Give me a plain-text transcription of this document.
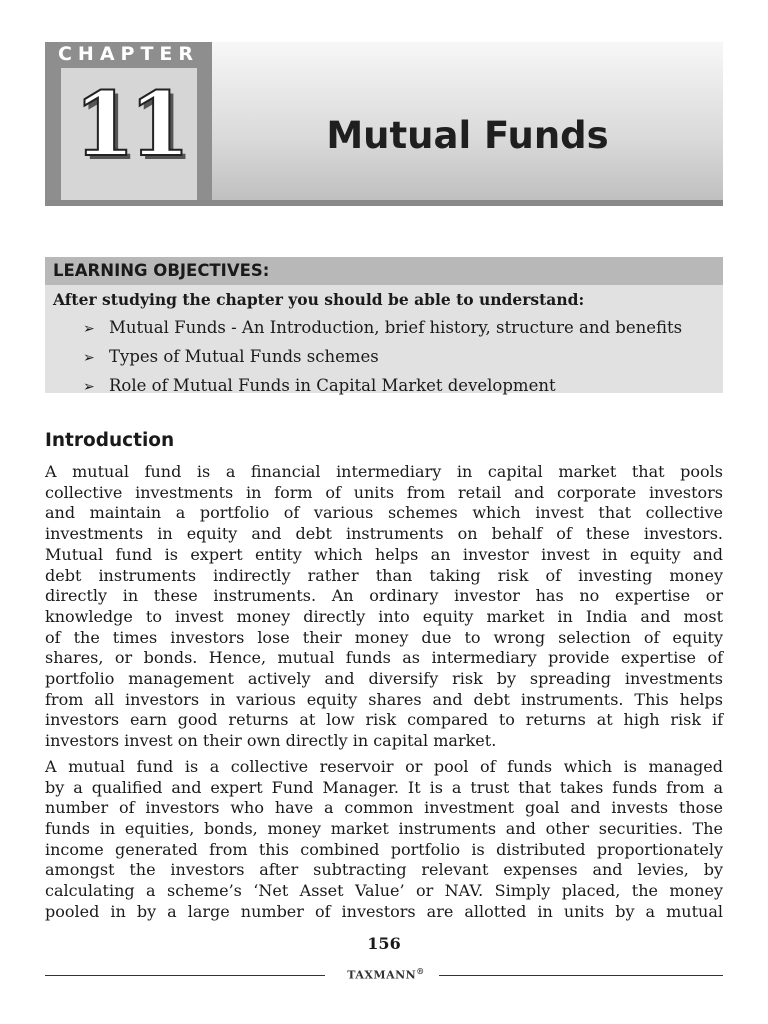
CHAPTER
11	Mutual Funds
LEARNING OBJECTIVES:
After studying the chapter you should be able to understand:
➢ Mutual Funds - An Introduction, brief history, structure and benefits
➢ Types of Mutual Funds schemes
➢ Role of Mutual Funds in Capital Market development
Introduction

A mutual fund is a financial intermediary in capital market that pools

collective investments in form of units from retail and corporate investors

and maintain a portfolio of various schemes which invest that collective

investments in equity and debt instruments on behalf of these investors.

Mutual fund is expert entity which helps an investor invest in equity and

debt instruments indirectly rather than taking risk of investing money

directly in these instruments. An ordinary investor has no expertise or

knowledge to invest money directly into equity market in India and most

of the times investors lose their money due to wrong selection of equity

shares, or bonds. Hence, mutual funds as intermediary provide expertise of

portfolio management actively and diversify risk by spreading investments

from all investors in various equity shares and debt instruments. This helps

investors earn good returns at low risk compared to returns at high risk if

investors invest on their own directly in capital market.

A mutual fund is a collective reservoir or pool of funds which is managed

by a qualified and expert Fund Manager. It is a trust that takes funds from a

number of investors who have a common investment goal and invests those

funds in equities, bonds, money market instruments and other securities. The

income generated from this combined portfolio is distributed proportionately

amongst the investors after subtracting relevant expenses and levies, by

calculating a scheme’s ‘Net Asset Value’ or NAV. Simply placed, the money

pooled in by a large number of investors are allotted in units by a mutual

156
TAXMANN®
